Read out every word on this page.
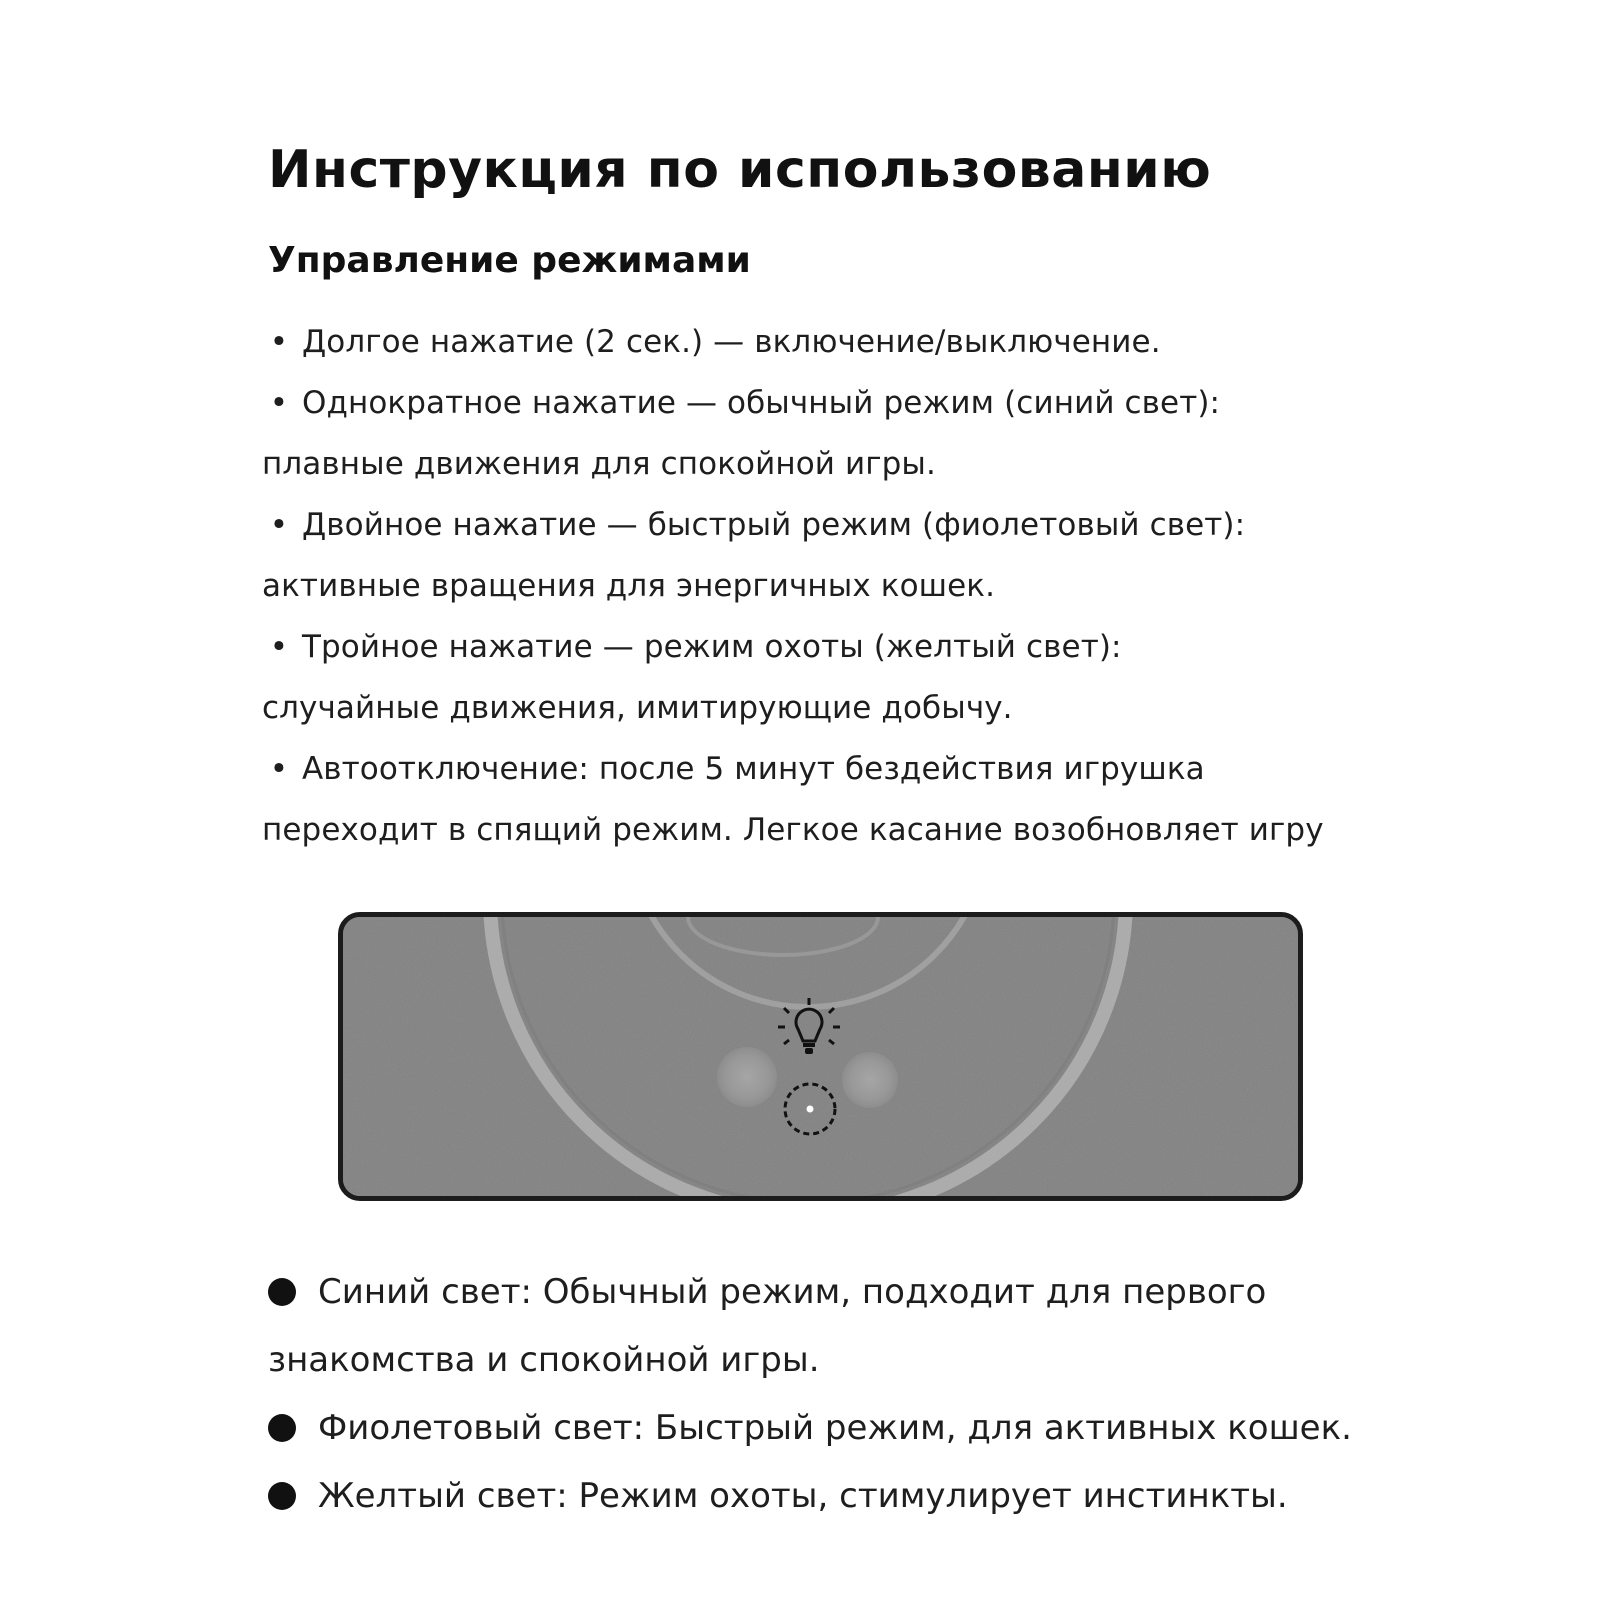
Инструкция по использованию
Управление режимами
• Долгое нажатие (2 сек.) — включение/выключение.
• Однократное нажатие — обычный режим (синий свет):
плавные движения для спокойной игры.
• Двойное нажатие — быстрый режим (фиолетовый свет):
активные вращения для энергичных кошек.
• Тройное нажатие — режим охоты (желтый свет):
случайные движения, имитирующие добычу.
• Автоотключение: после 5 минут бездействия игрушка
переходит в спящий режим. Легкое касание возобновляет игру
Синий свет: Обычный режим, подходит для первого
знакомства и спокойной игры.
Фиолетовый свет: Быстрый режим, для активных кошек.
Желтый свет: Режим охоты, стимулирует инстинкты.
